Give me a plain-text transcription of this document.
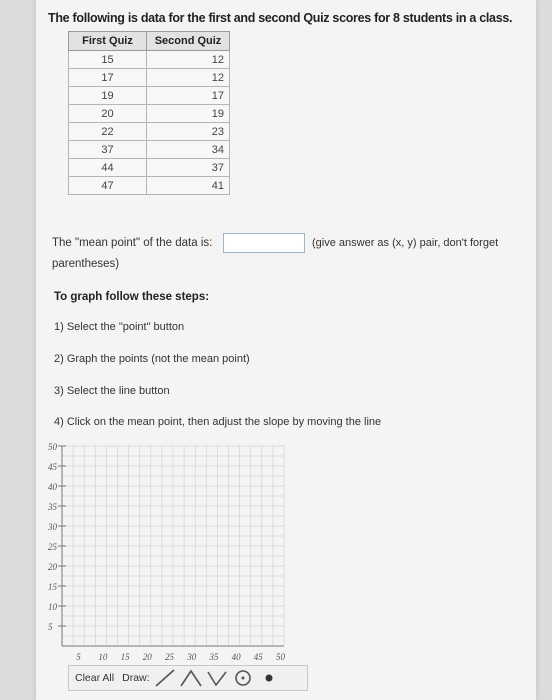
The following is data for the first and second Quiz scores for 8 students in a class.
First Quiz	Second Quiz
15	12
17	12
19	17
20	19
22	23
37	34
44	37
47	41
The "mean point" of the data is:	(give answer as (x, y) pair, don't forget
parentheses)
To graph follow these steps:
1) Select the "point" button
2) Graph the points (not the mean point)
3) Select the line button
4) Click on the mean point, then adjust the slope by moving the line
50
45
40
35
30
25
20
15
10
5
5 10 15 20 25 30 35 40 45 50
Clear All Draw:
